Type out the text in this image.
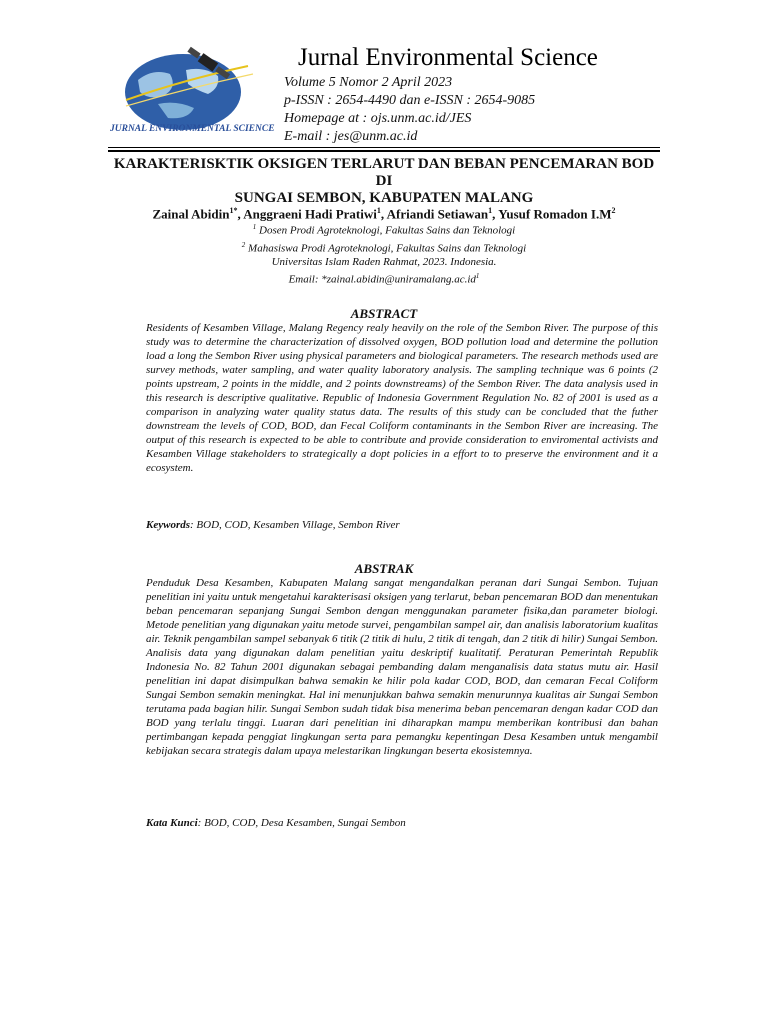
JURNAL ENVIRONMENTAL SCIENCE
Jurnal Environmental Science
Volume 5 Nomor 2 April 2023
p-ISSN : 2654-4490 dan e-ISSN : 2654-9085
Homepage at : ojs.unm.ac.id/JES
E-mail : jes@unm.ac.id
KARAKTERISKTIK OKSIGEN TERLARUT DAN BEBAN PENCEMARAN BOD DI
SUNGAI SEMBON, KABUPATEN MALANG
Zainal Abidin$^{1*}$, Anggraeni Hadi Pratiwi$^1$, Afriandi Setiawan$^1$, Yusuf Romadon $I.M^2$
$^1$ Dosen Prodi Agroteknologi, Fakultas Sains dan Teknologi
$^2$ Mahasiswa Prodi Agroteknologi, Fakultas Sains dan Teknologi
Universitas Islam Raden Rahmat, 2023. Indonesia.
Email: $*zainal.abidin@uniramalang.ac.id^1$
ABSTRACT
Residents of Kesamben Village, Malang Regency realy heavily on the role of the Sembon River. The purpose of this study was to determine the characterization of dissolved oxygen, BOD pollution load and determine the pollution load a long the Sembon River using physical parameters and biological parameters. The research methods used are survey methods, water sampling, and water quality laboratory analysis. The sampling technique was 6 points (2 points upstream, 2 points in the middle, and 2 points downstreams) of the Sembon River. The data analysis used in this research is descriptive qualitative. Republic of Indonesia Government Regulation No. 82 of 2001 is used as a comparison in analyzing water quality status data. The results of this study can be concluded that the futher downstream the levels of COD, BOD, dan Fecal Coliform contaminants in the Sembon River are increasing. The output of this research is expected to be able to contribute and provide consideration to enviromental activists and Kesamben Village stakeholders to strategically a dopt policies in a effort to to preserve the environment and it a ecosystem.
Keywords: BOD, COD, Kesamben Village, Sembon River
ABSTRAK
Penduduk Desa Kesamben, Kabupaten Malang sangat mengandalkan peranan dari Sungai Sembon. Tujuan penelitian ini yaitu untuk mengetahui karakterisasi oksigen yang terlarut, beban pencemaran BOD dan menentukan beban pencemaran sepanjang Sungai Sembon dengan menggunakan parameter fisika,dan parameter biologi. Metode penelitian yang digunakan yaitu metode survei, pengambilan sampel air, dan analisis laboratorium kualitas air. Teknik pengambilan sampel sebanyak 6 titik (2 titik di hulu, 2 titik di tengah, dan 2 titik di hilir) Sungai Sembon. Analisis data yang digunakan dalam penelitian yaitu deskriptif kualitatif. Peraturan Pemerintah Republik Indonesia No. 82 Tahun 2001 digunakan sebagai pembanding dalam menganalisis data status mutu air. Hasil penelitian ini dapat disimpulkan bahwa semakin ke hilir pola kadar COD, BOD, dan cemaran Fecal Coliform Sungai Sembon semakin meningkat. Hal ini menunjukkan bahwa semakin menurunnya kualitas air Sungai Sembon terutama pada bagian hilir. Sungai Sembon sudah tidak bisa menerima beban pencemaran dengan kadar COD dan BOD yang terlalu tinggi. Luaran dari penelitian ini diharapkan mampu memberikan kontribusi dan bahan pertimbangan kepada penggiat lingkungan serta para pemangku kepentingan Desa Kesamben untuk mengambil kebijakan secara strategis dalam upaya melestarikan lingkungan beserta ekosistemnya.
Kata Kunci: BOD, COD, Desa Kesamben, Sungai Sembon
